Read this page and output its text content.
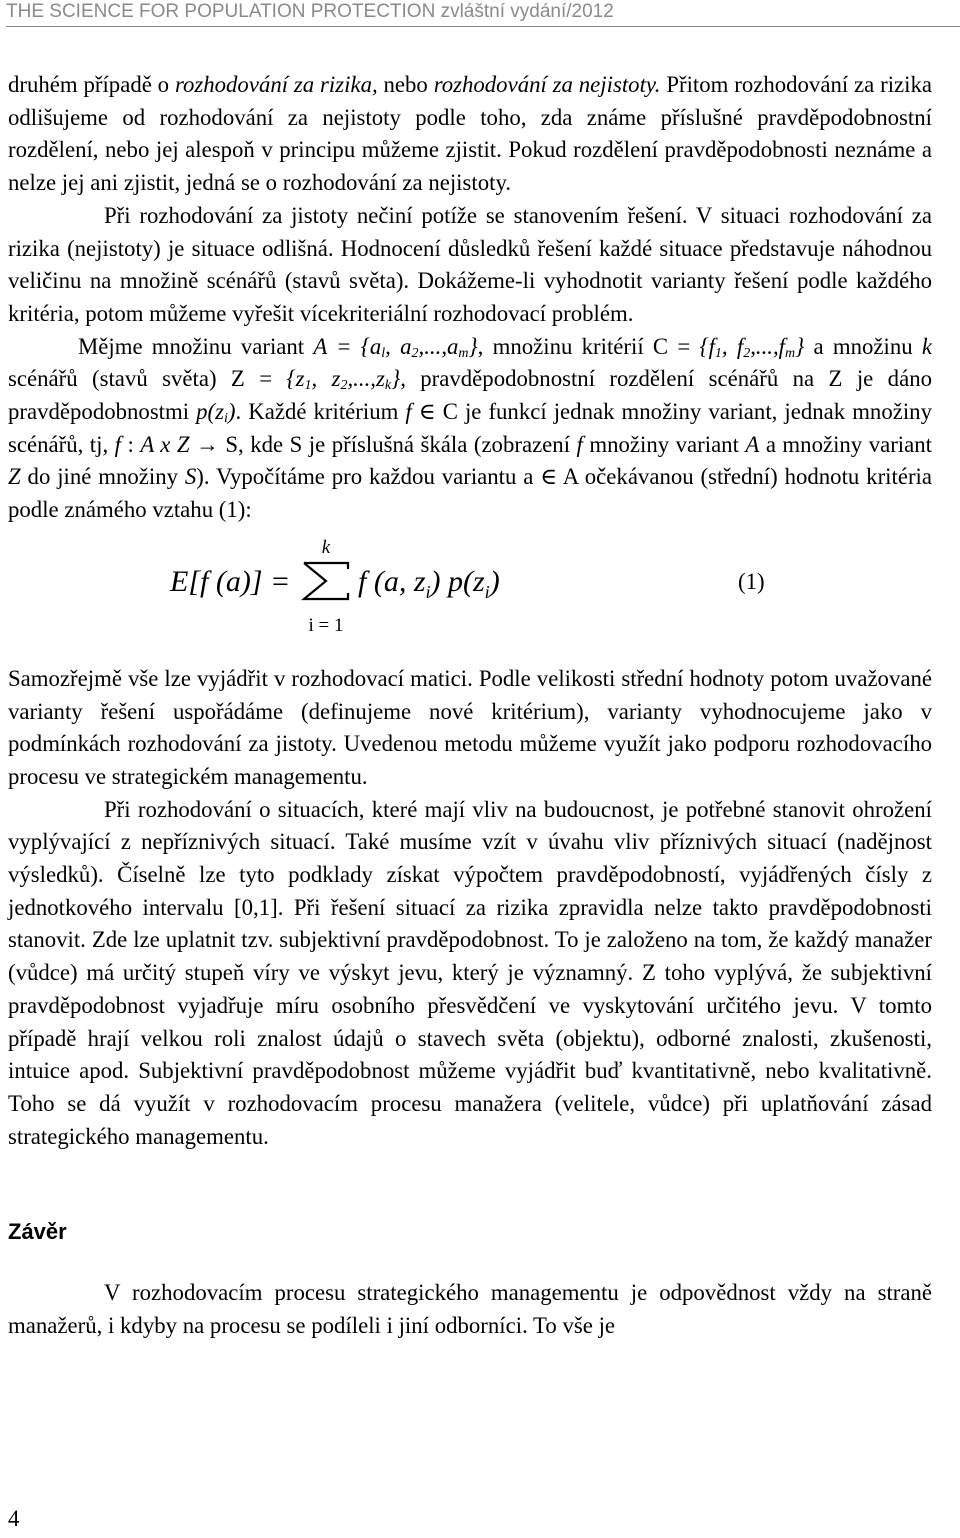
THE SCIENCE FOR POPULATION PROTECTION zvláštní vydání/2012

druhém případě o rozhodování za rizika, nebo rozhodování za nejistoty. Přitom rozhodování za rizika odlišujeme od rozhodování za nejistoty podle toho, zda známe příslušné pravděpodobnostní rozdělení, nebo jej alespoň v principu můžeme zjistit. Pokud rozdělení pravděpodobnosti neznáme a nelze jej ani zjistit, jedná se o rozhodování za nejistoty.

Při rozhodování za jistoty nečiní potíže se stanovením řešení. V situaci rozhodování za rizika (nejistoty) je situace odlišná. Hodnocení důsledků řešení každé situace představuje náhodnou veličinu na množině scénářů (stavů světa). Dokážeme-li vyhodnotit varianty řešení podle každého kritéria, potom můžeme vyřešit vícekriteriální rozhodovací problém.

Mějme množinu variant $A = \{a_l$, $a_2,...,a_m$}, množinu kritérií $C = \{f_1$, $f_2,...,f_m$} a množinu k scénářů (stavů světa) $Z = \{z_1$, $z_2,...,z_k$}, pravděpodobnostní rozdělení scénářů na Z je dáno pravděpodobnostmi $p(z_i)$. Každé kritérium f ∈ C je funkcí jednak množiny variant, jednak množiny scénářů, tj, f : A x Z → S, kde S je příslušná škála (zobrazení f množiny variant A a množiny variant Z do jiné množiny S). Vypočítáme pro každou variantu a ∈ A očekávanou (střední) hodnotu kritéria podle známého vztahu (1):

E[f (a)] =
k
i = 1
f (a, $z_i$) $p(z_i)$	(1)

Samozřejmě vše lze vyjádřit v rozhodovací matici. Podle velikosti střední hodnoty potom uvažované varianty řešení uspořádáme (definujeme nové kritérium), varianty vyhodnocujeme jako v podmínkách rozhodování za jistoty. Uvedenou metodu můžeme využít jako podporu rozhodovacího procesu ve strategickém managementu.

Při rozhodování o situacích, které mají vliv na budoucnost, je potřebné stanovit ohrožení vyplývající z nepříznivých situací. Také musíme vzít v úvahu vliv příznivých situací (nadějnost výsledků). Číselně lze tyto podklady získat výpočtem pravděpodobností, vyjádřených čísly z jednotkového intervalu [0,1]. Při řešení situací za rizika zpravidla nelze takto pravděpodobnosti stanovit. Zde lze uplatnit tzv. subjektivní pravděpodobnost. To je založeno na tom, že každý manažer (vůdce) má určitý stupeň víry ve výskyt jevu, který je významný. Z toho vyplývá, že subjektivní pravděpodobnost vyjadřuje míru osobního přesvědčení ve vyskytování určitého jevu. V tomto případě hrají velkou roli znalost údajů o stavech světa (objektu), odborné znalosti, zkušenosti, intuice apod. Subjektivní pravděpodobnost můžeme vyjádřit buď kvantitativně, nebo kvalitativně. Toho se dá využít v rozhodovacím procesu manažera (velitele, vůdce) při uplatňování zásad strategického managementu.

Závěr

V rozhodovacím procesu strategického managementu je odpovědnost vždy na straně manažerů, i kdyby na procesu se podíleli i jiní odborníci. To vše je

4
